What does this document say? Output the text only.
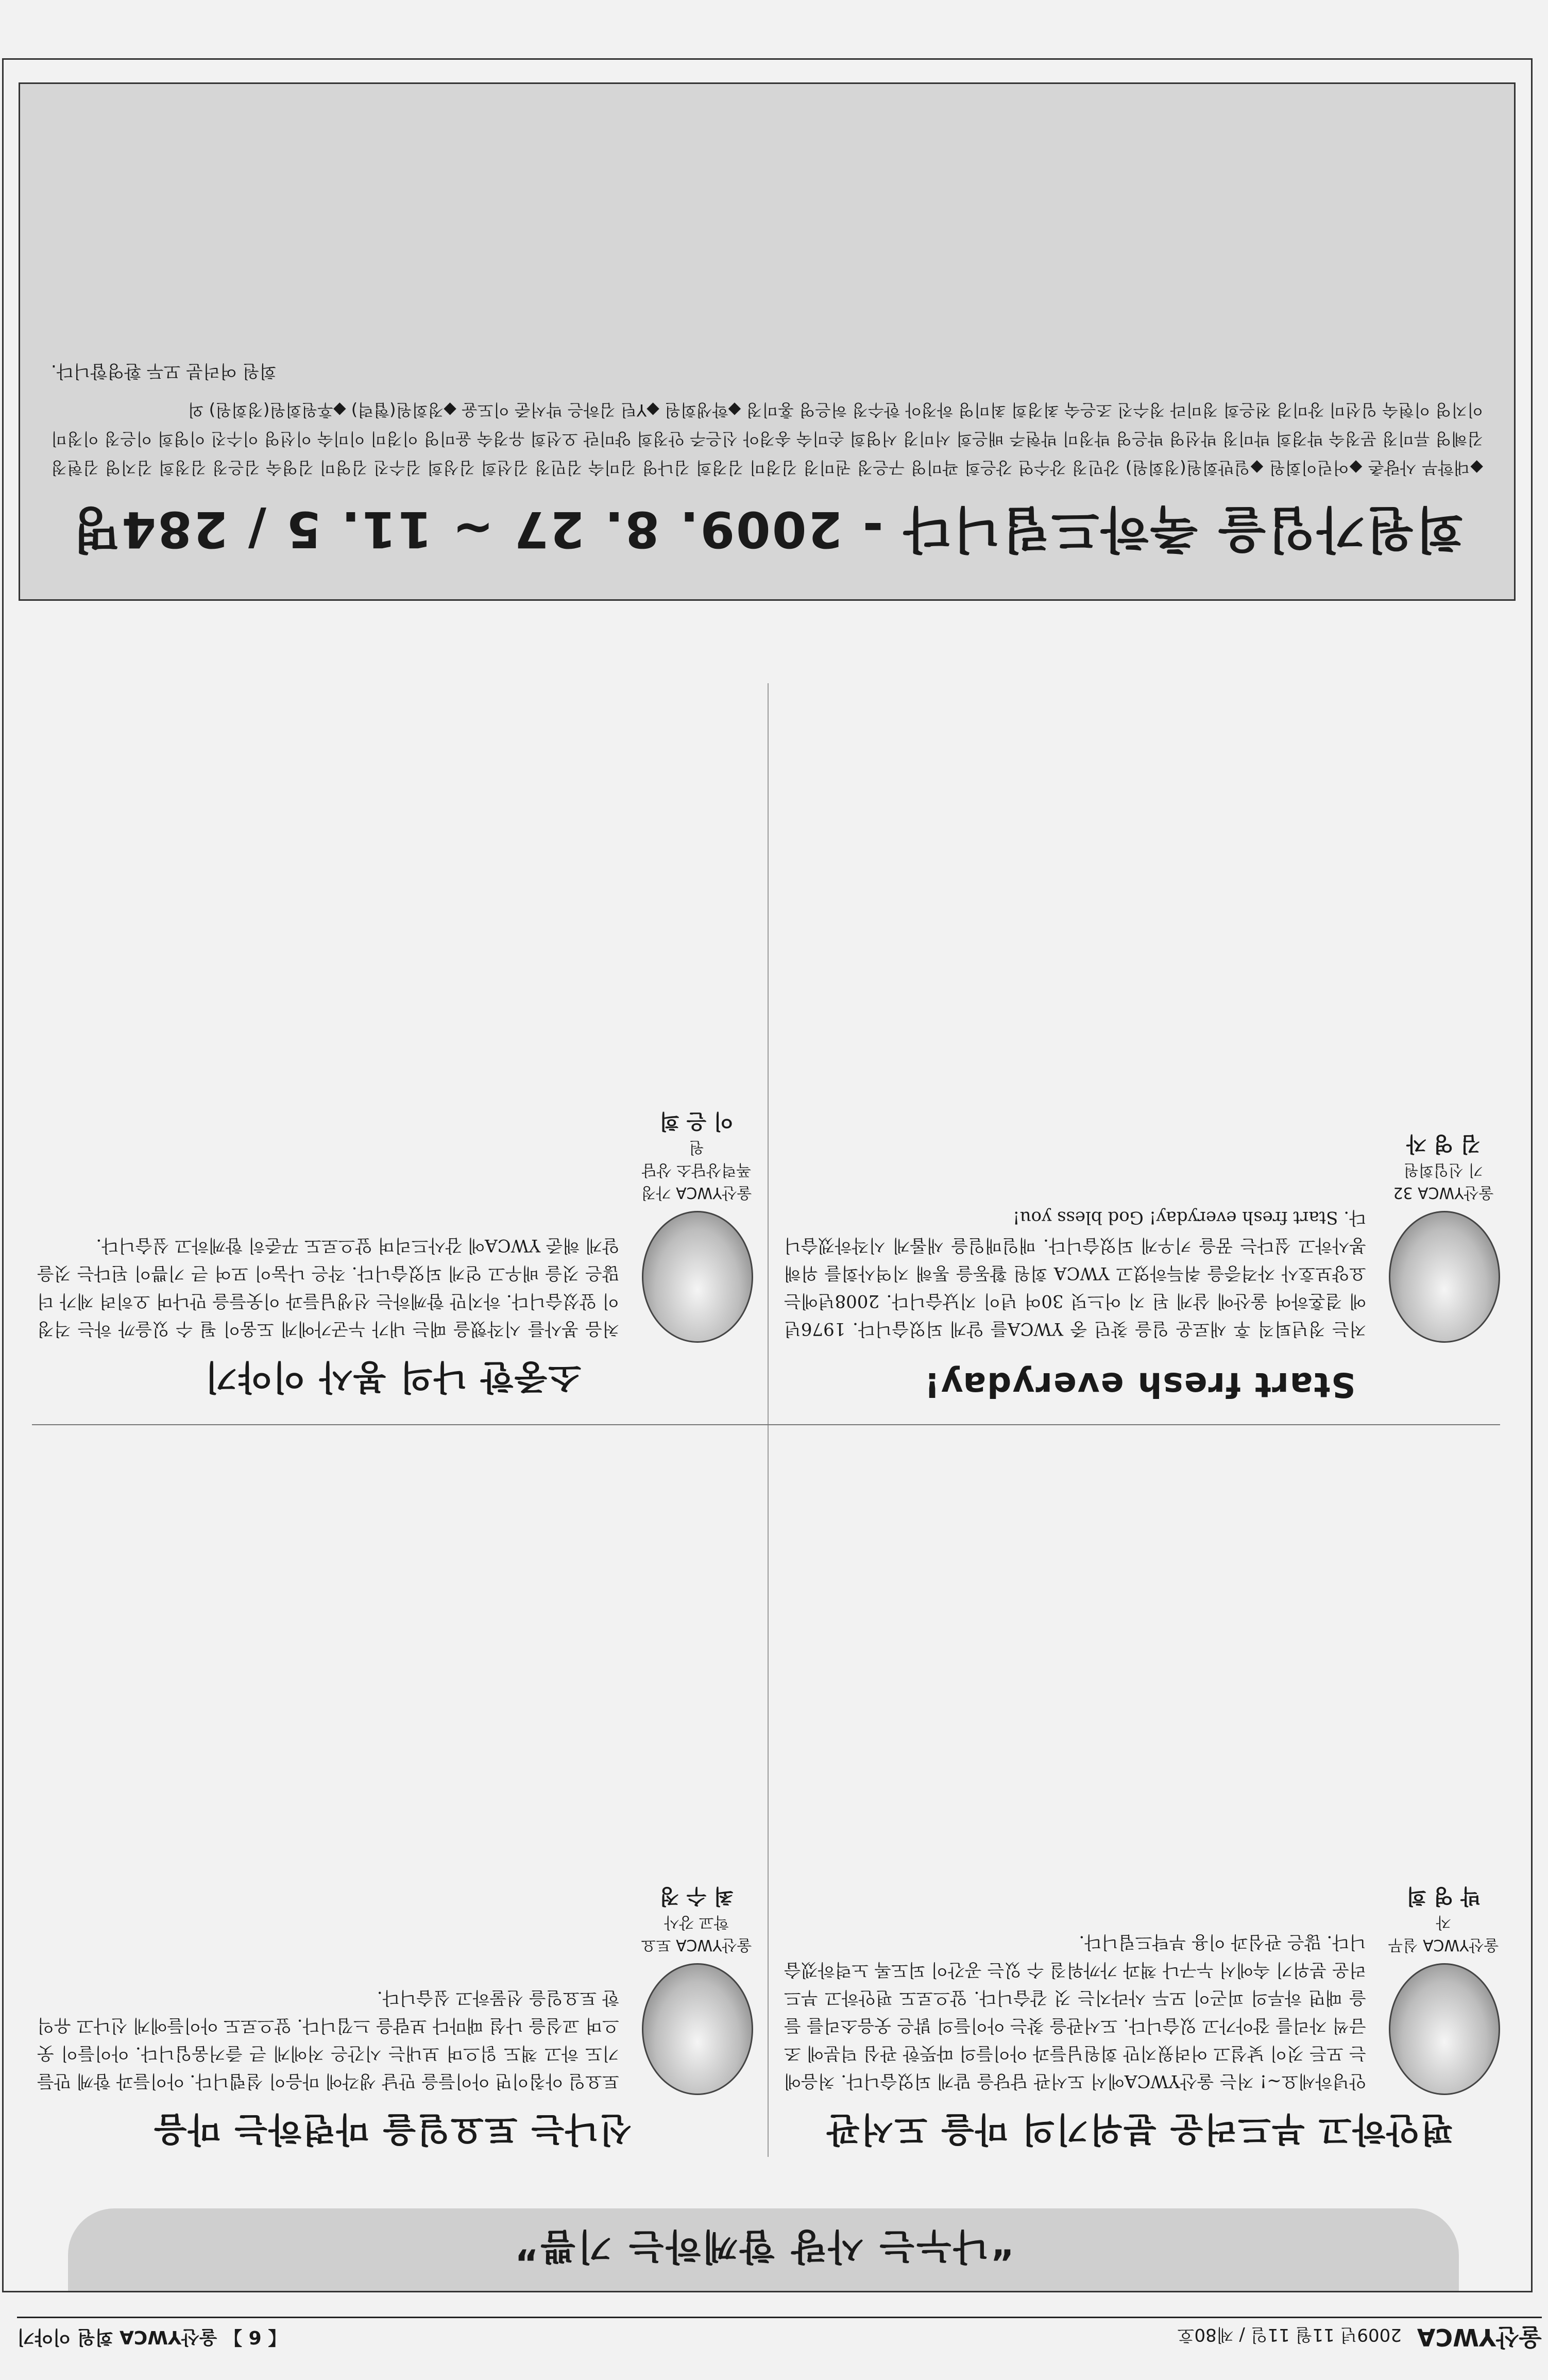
울산YWCA 2009년 11월 11일 / 제80호
【 6 】 울산YWCA 회원 이야기
“나누는 사랑 함께하는 기쁨”
편안하고 부드러운 분위기의 마을 도서관
울산YWCA 실무자
박 영 희
안녕하세요~! 저는 울산YWCA에서 도서관 담당을 맡게 되었습니다. 처음에는 모든 것이 낯설고 어려웠지만 회원님들과 아이들의 따뜻한 관심 덕분에 조금씩 자리를 잡아가고 있습니다. 도서관을 찾는 아이들의 밝은 웃음소리를 들을 때면 하루의 피곤이 모두 사라지는 것 같습니다. 앞으로도 편안하고 부드러운 분위기 속에서 누구나 책과 가까워질 수 있는 공간이 되도록 노력하겠습니다. 많은 관심과 이용 부탁드립니다.
신나는 토요일을 마련하는 마음
울산YWCA 토요학교 강사
최 수 정
토요일 아침이면 아이들을 만날 생각에 마음이 설렙니다. 아이들과 함께 만들기도 하고 책도 읽으며 보내는 시간은 저에게 큰 즐거움입니다. 아이들이 웃으며 교실을 나설 때마다 보람을 느낍니다. 앞으로도 아이들에게 신나고 유익한 토요일을 선물하고 싶습니다.
Start fresh everyday!
울산YWCA 32기 신입회원
김 영 자
저는 정년퇴직 후 새로운 일을 찾던 중 YWCA를 알게 되었습니다. 1976년에 결혼하여 울산에 살게 된 지 어느덧 30여 년이 지났습니다. 2008년에는 요양보호사 자격증을 취득하였고 YWCA 회원 활동을 통해 지역사회를 위해 봉사하고 싶다는 꿈을 키우게 되었습니다. 매일매일을 새롭게 시작하겠습니다. Start fresh everyday! God bless you!
소중한 나의 봉사 이야기
울산YWCA 가정폭력상담소 상담원
이 은 희
처음 봉사를 시작했을 때는 내가 누군가에게 도움이 될 수 있을까 하는 걱정이 앞섰습니다. 하지만 함께하는 선생님들과 이웃들을 만나며 오히려 제가 더 많은 것을 배우고 얻게 되었습니다. 작은 나눔이 모여 큰 기쁨이 된다는 것을 알게 해준 YWCA에 감사드리며 앞으로도 꾸준히 함께하고 싶습니다.
회원가입을 축하드립니다 - 2009. 8. 27 ~ 11. 5 / 284명
◆대학부 사랑촌 ◆어린이회원 ◆일반회원(정회원) 강민정 강수연 강은희 곽미영 구은정 권미경 김경미 김경희 김나영 김미숙 김민정 김선희 김성희 김수진 김영미 김영숙 김은정 김정희 김지영 김현정 김혜영 류미정 문정숙 박경희 박미정 박선영 박은영 박정미 박현주 배은희 서미경 서영희 손미숙 송경아 신은주 안정희 양미란 오선희 유경숙 윤미영 이경미 이미숙 이선영 이수진 이영희 이은정 이정미 이지영 이현숙 임선미 장미경 전은희 정미라 정수진 조은숙 최경희 최미영 하정아 한수정 허은영 홍미정 ◆학생회원 ◆Y틴 김하은 박서준 이도윤 ◆정회원(협력) ◆후원회원(정회원) 외
회원 여러분 모두 환영합니다.
